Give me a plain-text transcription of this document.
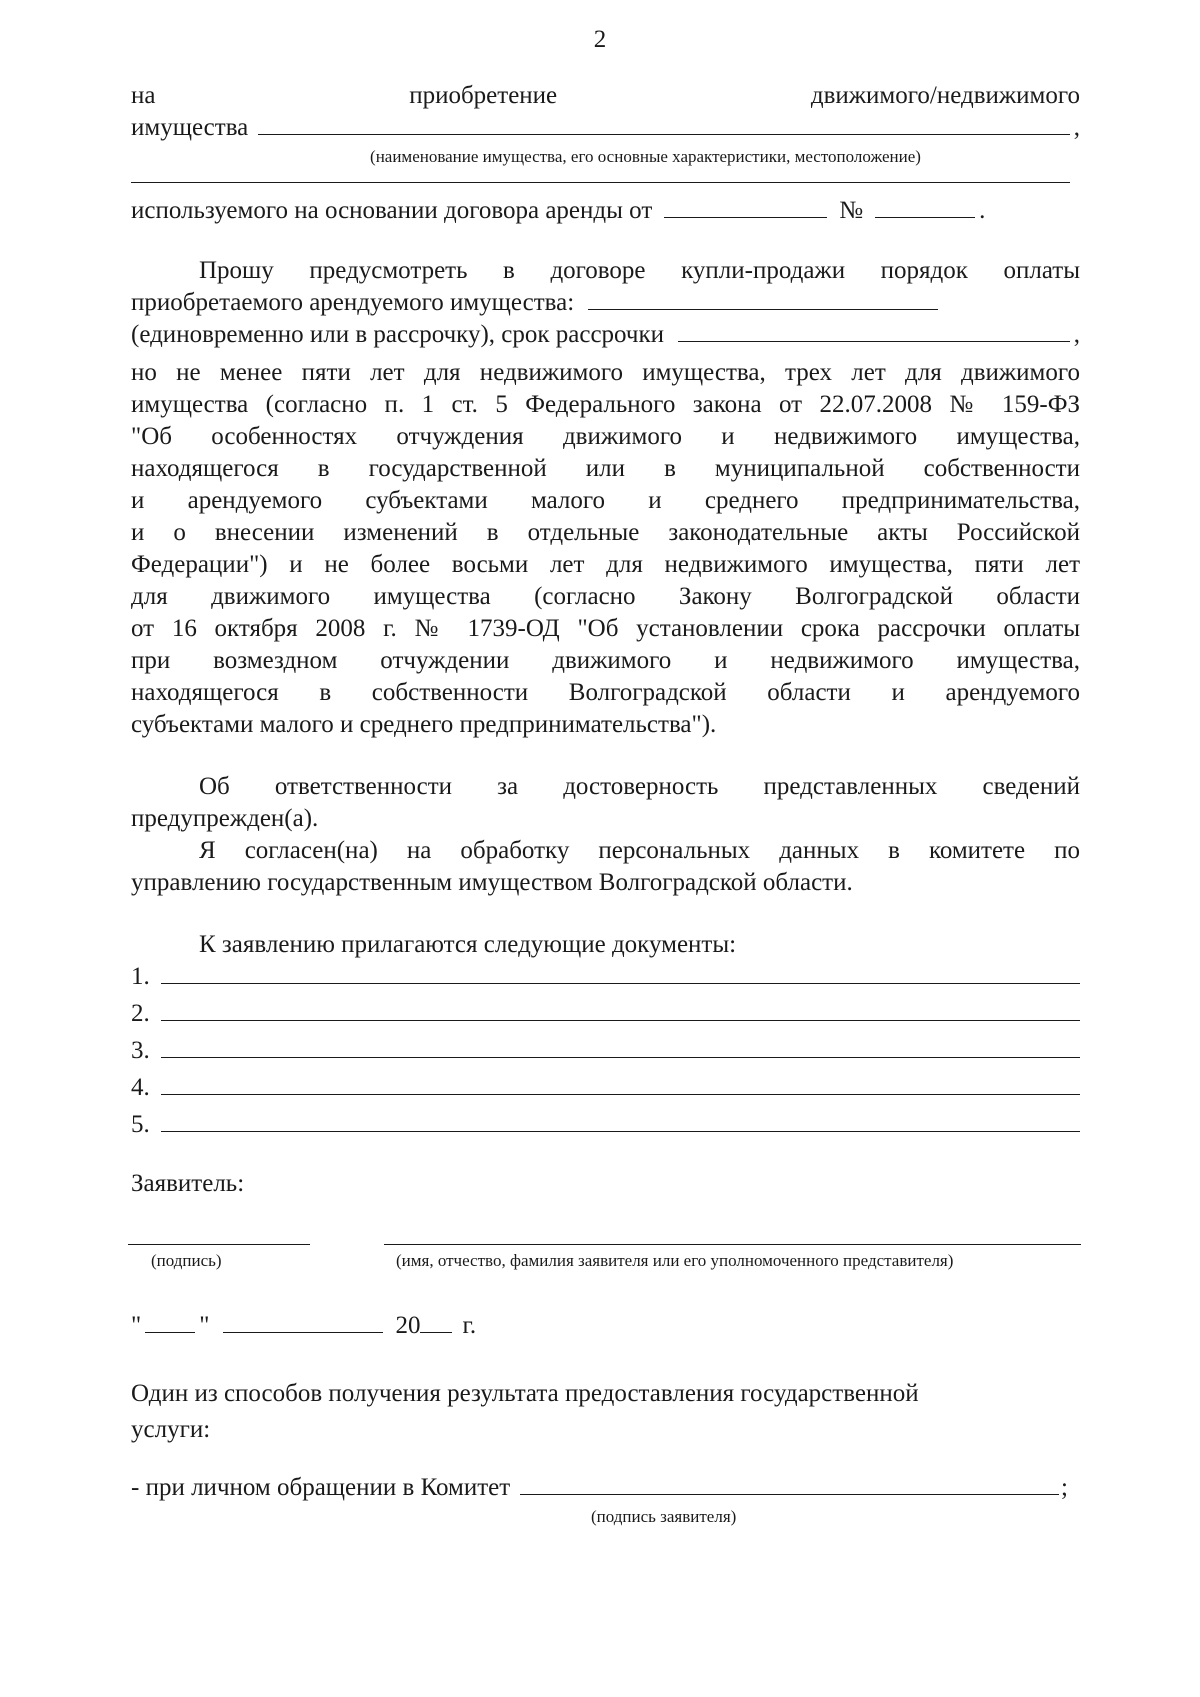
2
на	приобретение	движимого/недвижимого
имущества	,
(наименование имущества, его основные характеристики, местоположение)
используемого на основании договора аренды от	№	.

Прошу предусмотреть в договоре купли-продажи порядок оплаты

приобретаемого арендуемого имущества:
(единовременно или в рассрочку), срок рассрочки	,

но не менее пяти лет для недвижимого имущества, трех лет для движимого

имущества (согласно п. 1 ст. 5 Федерального закона от 22.07.2008 № 159-ФЗ

"Об особенностях отчуждения движимого и недвижимого имущества,

находящегося в государственной или в муниципальной собственности

и арендуемого субъектами малого и среднего предпринимательства,

и о внесении изменений в отдельные законодательные акты Российской

Федерации") и не более восьми лет для недвижимого имущества, пяти лет

для движимого имущества (согласно Закону Волгоградской области

от 16 октября 2008 г. № 1739-ОД "Об установлении срока рассрочки оплаты

при возмездном отчуждении движимого и недвижимого имущества,

находящегося в собственности Волгоградской области и арендуемого

субъектами малого и среднего предпринимательства").

Об ответственности за достоверность представленных сведений

предупрежден(а).

Я согласен(на) на обработку персональных данных в комитете по

управлению государственным имуществом Волгоградской области.

К заявлению прилагаются следующие документы:

1.
2.
3.
4.
5.
Заявитель:
(подпись)	(имя, отчество, фамилия заявителя или его уполномоченного представителя)
" "	20 г.
Один из способов получения результата предоставления государственной
услуги:
- при личном обращении в Комитет	;
(подпись заявителя)
